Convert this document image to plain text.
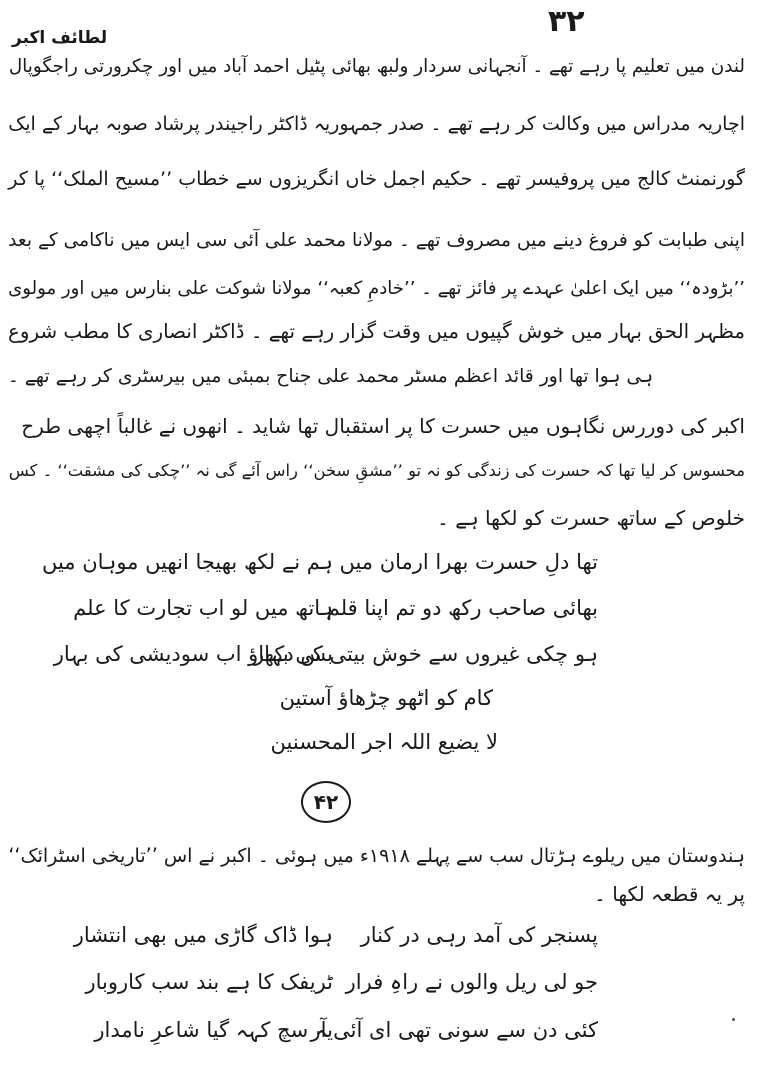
۳۲
لطائف اکبر
لندن میں تعلیم پا رہے تھے ۔ آنجہانی سردار ولبھ بھائی پٹیل احمد آباد میں اور چکرورتی راجگوپال
اچاریہ مدراس میں وکالت کر رہے تھے ۔ صدر جمہوریہ ڈاکٹر راجیندر پرشاد صوبہ بہار کے ایک
گورنمنٹ کالج میں پروفیسر تھے ۔ حکیم اجمل خاں انگریزوں سے خطاب ’’مسیح الملک‘‘ پا کر
اپنی طبابت کو فروغ دینے میں مصروف تھے ۔ مولانا محمد علی آئی سی ایس میں ناکامی کے بعد
’’بڑودہ‘‘ میں ایک اعلیٰ عہدے پر فائز تھے ۔ ’’خادمِ کعبہ‘‘ مولانا شوکت علی بنارس میں اور مولوی
مظہر الحق بہار میں خوش گپیوں میں وقت گزار رہے تھے ۔ ڈاکٹر انصاری کا مطب شروع
ہی ہوا تھا اور قائد اعظم مسٹر محمد علی جناح بمبئی میں بیرسٹری کر رہے تھے ۔
اکبر کی دوررس نگاہوں میں حسرت کا پر استقبال تھا شاید ۔ انھوں نے غالباً اچھی طرح
محسوس کر لیا تھا کہ حسرت کی زندگی کو نہ تو ’’مشقِ سخن‘‘ راس آئے گی نہ ’’چکی کی مشقت‘‘ ۔ کس
خلوص کے ساتھ حسرت کو لکھا ہے ۔
تھا دلِ حسرت بھرا ارمان میں
ہم نے لکھ بھیجا انھیں موہان میں
بھائی صاحب رکھ دو تم اپنا قلم
ہاتھ میں لو اب تجارت کا علم
ہو چکی غیروں سے خوش بیتی کی بہار
بس دکھاؤ اب سودیشی کی بہار
کام کو اٹھو چڑھاؤ آستین
لا یضیع اللہ اجر المحسنین
۴۲
ہندوستان میں ریلوے ہڑتال سب سے پہلے ۱۹۱۸ء میں ہوئی ۔ اکبر نے اس ’’تاریخی اسٹرائک‘‘
پر یہ قطعہ لکھا ۔
پسنجر کی آمد رہی در کنار
ہوا ڈاک گاڑی میں بھی انتشار
جو لی ریل والوں نے راہِ فرار
ٹریفک کا ہے بند سب کاروبار
کئی دن سے سونی تھی ای آئی آر
یہ سچ کہہ گیا شاعرِ نامدار
